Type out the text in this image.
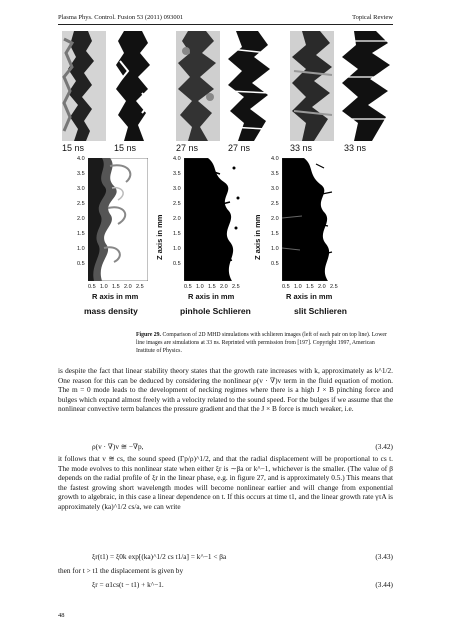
Plasma Phys. Control. Fusion 53 (2011) 093001	Topical Review
15 ns	15 ns	27 ns	27 ns	33 ns	33 ns
4.0
3.5
3.0
2.5
2.0
1.5
1.0
0.5
0.5 1.0 1.5 2.0 2.5
R axis in mm
Z axis in mm
4.0
3.5
3.0
2.5
2.0
1.5
1.0
0.5
0.5 1.0 1.5 2.0 2.5
R axis in mm
Z axis in mm
4.0
3.5
3.0
2.5
2.0
1.5
1.0
0.5
0.5 1.0 1.5 2.0 2.5
R axis in mm
mass density	pinhole Schlieren	slit Schlieren
Figure 29. Comparison of 2D MHD simulations with schlieren images (left of each pair on top line). Lower line images are simulations at 33 ns. Reprinted with permission from [197]. Copyright 1997, American Institute of Physics.
is despite the fact that linear stability theory states that the growth rate increases with k, approximately as k^1/2. One reason for this can be deduced by considering the nonlinear ρ(v · ∇)v term in the fluid equation of motion. The m = 0 mode leads to the development of necking regimes where there is a high J × B pinching force and bulges which expand almost freely with a velocity related to the sound speed. For the bulges if we assume that the nonlinear convective term balances the pressure gradient and that the J × B force is much weaker, i.e.
ρ(v · ∇)v ≅ −∇p,	(3.42)
it follows that v ≅ cs, the sound speed (Γp/ρ)^1/2, and that the radial displacement will be proportional to cs t. The mode evolves to this nonlinear state when either ξr is ∼βa or k^−1, whichever is the smaller. (The value of β depends on the radial profile of ξr in the linear phase, e.g. in figure 27, and is approximately 0.5.) This means that the fastest growing short wavelength modes will become nonlinear earlier and will change from exponential growth to algebraic, in this case a linear dependence on t. If this occurs at time t1, and the linear growth rate γτA is approximately (ka)^1/2 cs/a, we can write
ξr(t1) = ξ0k exp[(ka)^1/2 cs t1/a] = k^−1 < βa	(3.43)
then for t > t1 the displacement is given by
ξr = α1cs(t − t1) + k^−1.	(3.44)
48
